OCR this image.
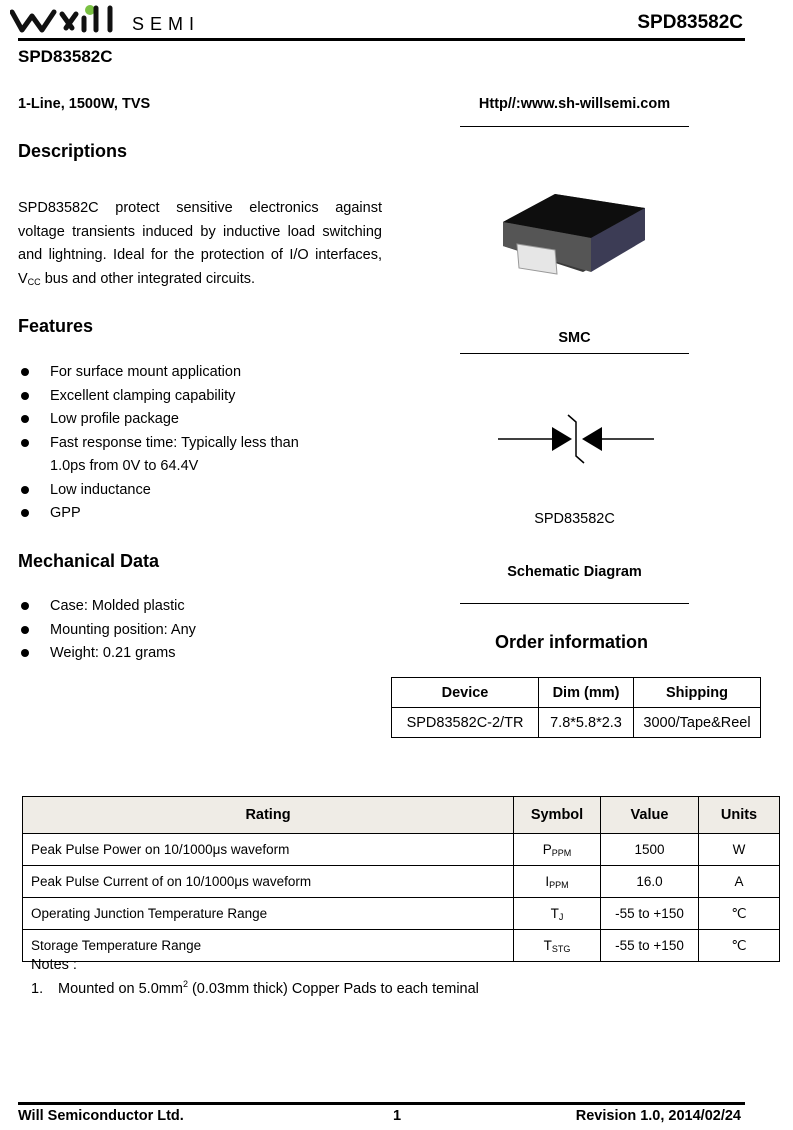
SEMI	SPD83582C
SPD83582C
1-Line, 1500W, TVS	Http//:www.sh-willsemi.com
Descriptions
SPD83582C protect sensitive electronics against voltage transients induced by inductive load switching and lightning. Ideal for the protection of I/O interfaces, $V_{CC}$ bus and other integrated circuits.
SMC
SPD83582C
Schematic Diagram
Features
For surface mount application
Excellent clamping capability
Low profile package
Fast response time: Typically less than 1.0ps from 0V to 64.4V
Low inductance
GPP
Mechanical Data
Case: Molded plastic
Mounting position: Any
Weight: 0.21 grams
Order information
Device	Dim (mm)	Shipping
SPD83582C-2/TR	7.8*5.8*2.3	3000/Tape&Reel
Rating	Symbol	Value	Units
Peak Pulse Power on 10/1000μs waveform	$P_{PPM}$	1500	W
Peak Pulse Current of on 10/1000μs waveform	$I_{PPM}$	16.0	A
Operating Junction Temperature Range	$T_J$	-55 to +150	℃
Storage Temperature Range	$T_{STG}$	-55 to +150	℃
Notes :
1. Mounted on $5.0mm^2$ (0.03mm thick) Copper Pads to each teminal
Will Semiconductor Ltd.	1	Revision 1.0, 2014/02/24
